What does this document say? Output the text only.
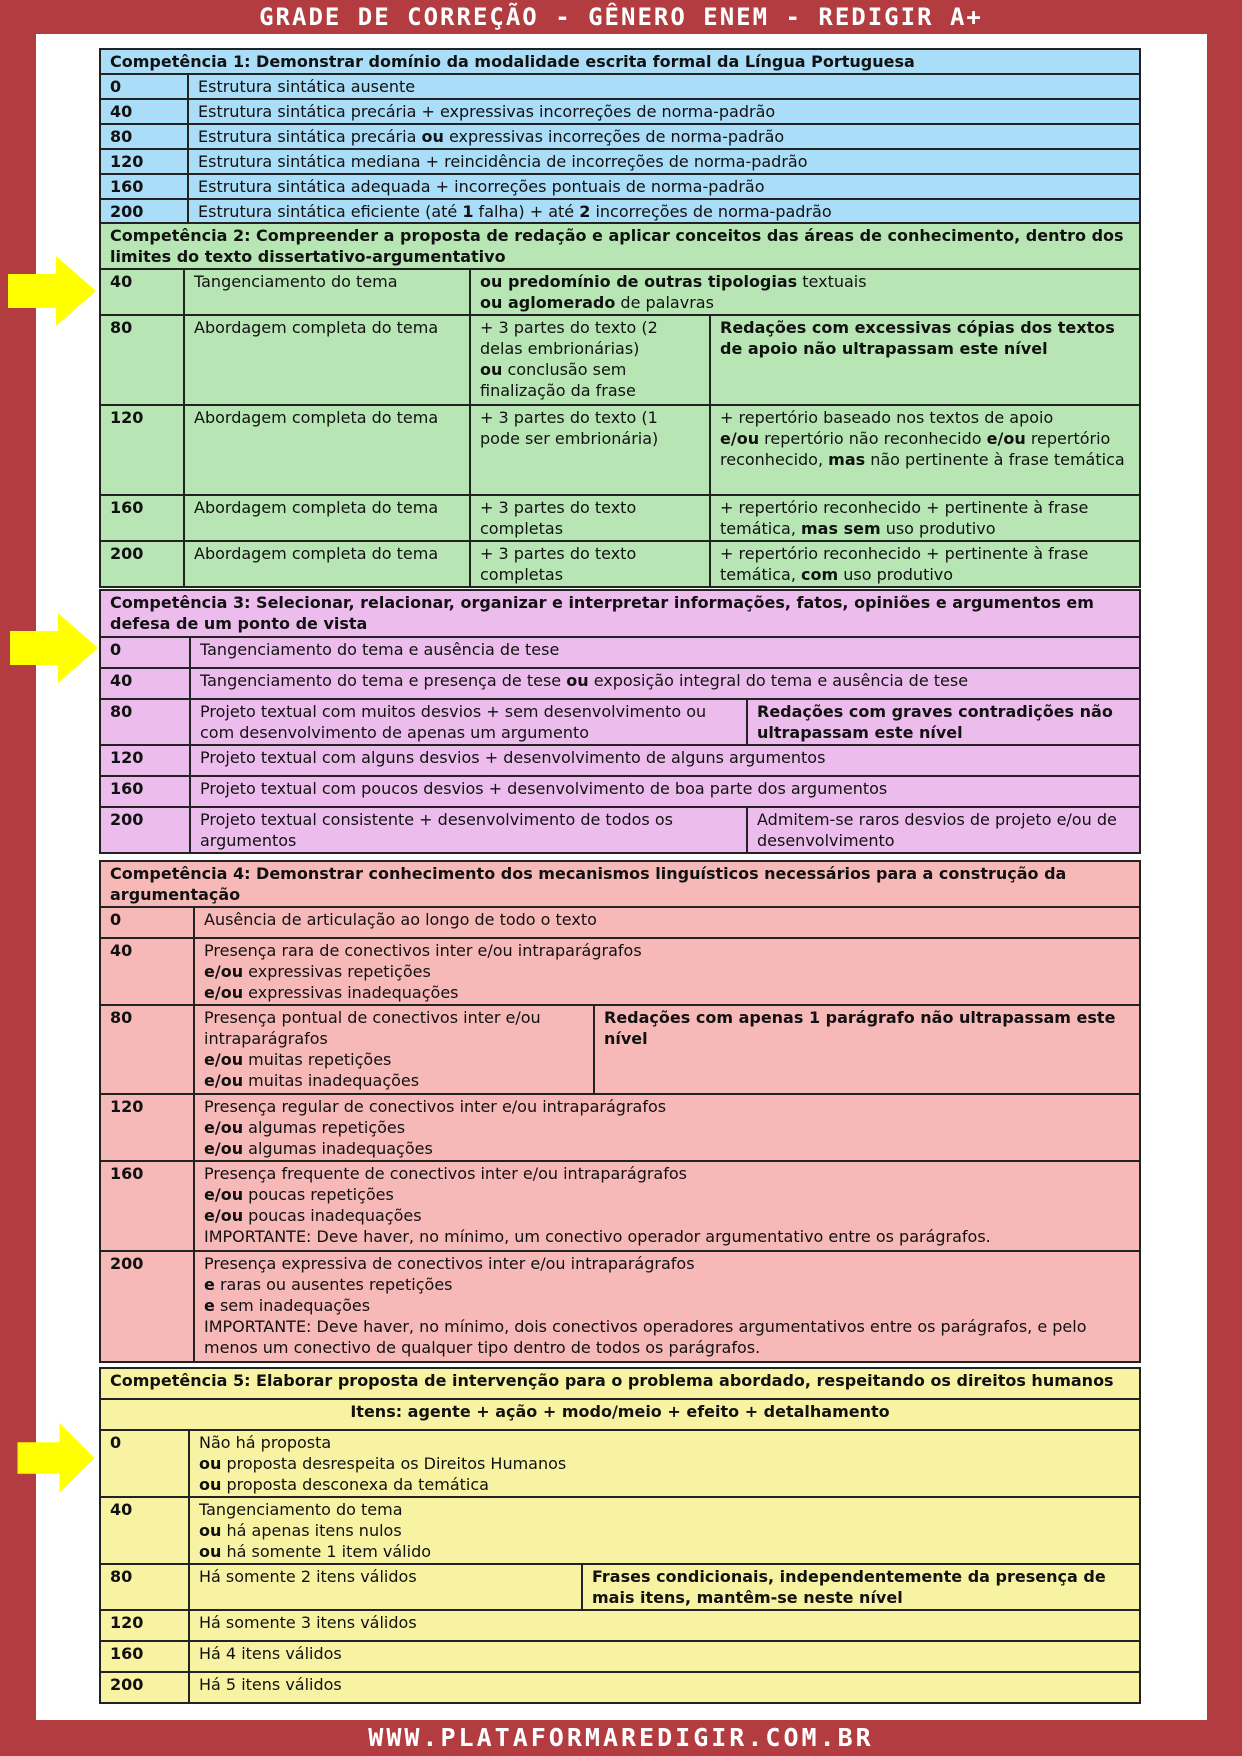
GRADE DE CORREÇÃO - GÊNERO ENEM - REDIGIR A+
Competência 1: Demonstrar domínio da modalidade escrita formal da Língua Portuguesa	
0	Estrutura sintática ausente
40	Estrutura sintática precária + expressivas incorreções de norma-padrão
80	Estrutura sintática precária ou expressivas incorreções de norma-padrão
120	Estrutura sintática mediana + reincidência de incorreções de norma-padrão
160	Estrutura sintática adequada + incorreções pontuais de norma-padrão
200	Estrutura sintática eficiente (até 1 falha) + até 2 incorreções de norma-padrão
Competência 2: Compreender a proposta de redação e aplicar conceitos das áreas de conhecimento, dentro dos limites do texto dissertativo-argumentativo			
40	Tangenciamento do tema	ou predomínio de outras tipologias textuais
ou aglomerado de palavras	
80	Abordagem completa do tema	+ 3 partes do texto (2 delas embrionárias)
ou conclusão sem finalização da frase	Redações com excessivas cópias dos textos de apoio não ultrapassam este nível
120	Abordagem completa do tema	+ 3 partes do texto (1 pode ser embrionária)	+ repertório baseado nos textos de apoio
e/ou repertório não reconhecido e/ou repertório reconhecido, mas não pertinente à frase temática
160	Abordagem completa do tema	+ 3 partes do texto completas	+ repertório reconhecido + pertinente à frase temática, mas sem uso produtivo
200	Abordagem completa do tema	+ 3 partes do texto completas	+ repertório reconhecido + pertinente à frase temática, com uso produtivo
Competência 3: Selecionar, relacionar, organizar e interpretar informações, fatos, opiniões e argumentos em defesa de um ponto de vista		
0	Tangenciamento do tema e ausência de tese	
40	Tangenciamento do tema e presença de tese ou exposição integral do tema e ausência de tese	
80	Projeto textual com muitos desvios + sem desenvolvimento ou com desenvolvimento de apenas um argumento	Redações com graves contradições não ultrapassam este nível
120	Projeto textual com alguns desvios + desenvolvimento de alguns argumentos	
160	Projeto textual com poucos desvios + desenvolvimento de boa parte dos argumentos	
200	Projeto textual consistente + desenvolvimento de todos os argumentos	Admitem-se raros desvios de projeto e/ou de desenvolvimento
Competência 4: Demonstrar conhecimento dos mecanismos linguísticos necessários para a construção da argumentação		
0	Ausência de articulação ao longo de todo o texto	
40	Presença rara de conectivos inter e/ou intraparágrafos
e/ou expressivas repetições
e/ou expressivas inadequações	
80	Presença pontual de conectivos inter e/ou intraparágrafos
e/ou muitas repetições
e/ou muitas inadequações	Redações com apenas 1 parágrafo não ultrapassam este nível
120	Presença regular de conectivos inter e/ou intraparágrafos
e/ou algumas repetições
e/ou algumas inadequações	
160	Presença frequente de conectivos inter e/ou intraparágrafos
e/ou poucas repetições
e/ou poucas inadequações
IMPORTANTE: Deve haver, no mínimo, um conectivo operador argumentativo entre os parágrafos.	
200	Presença expressiva de conectivos inter e/ou intraparágrafos
e raras ou ausentes repetições
e sem inadequações
IMPORTANTE: Deve haver, no mínimo, dois conectivos operadores argumentativos entre os parágrafos, e pelo menos um conectivo de qualquer tipo dentro de todos os parágrafos.	
Competência 5: Elaborar proposta de intervenção para o problema abordado, respeitando os direitos humanos		
Itens: agente + ação + modo/meio + efeito + detalhamento		
0	Não há proposta
ou proposta desrespeita os Direitos Humanos
ou proposta desconexa da temática	
40	Tangenciamento do tema
ou há apenas itens nulos
ou há somente 1 item válido	
80	Há somente 2 itens válidos	Frases condicionais, independentemente da presença de mais itens, mantêm-se neste nível
120	Há somente 3 itens válidos	
160	Há 4 itens válidos	
200	Há 5 itens válidos	
WWW.PLATAFORMAREDIGIR.COM.BR
